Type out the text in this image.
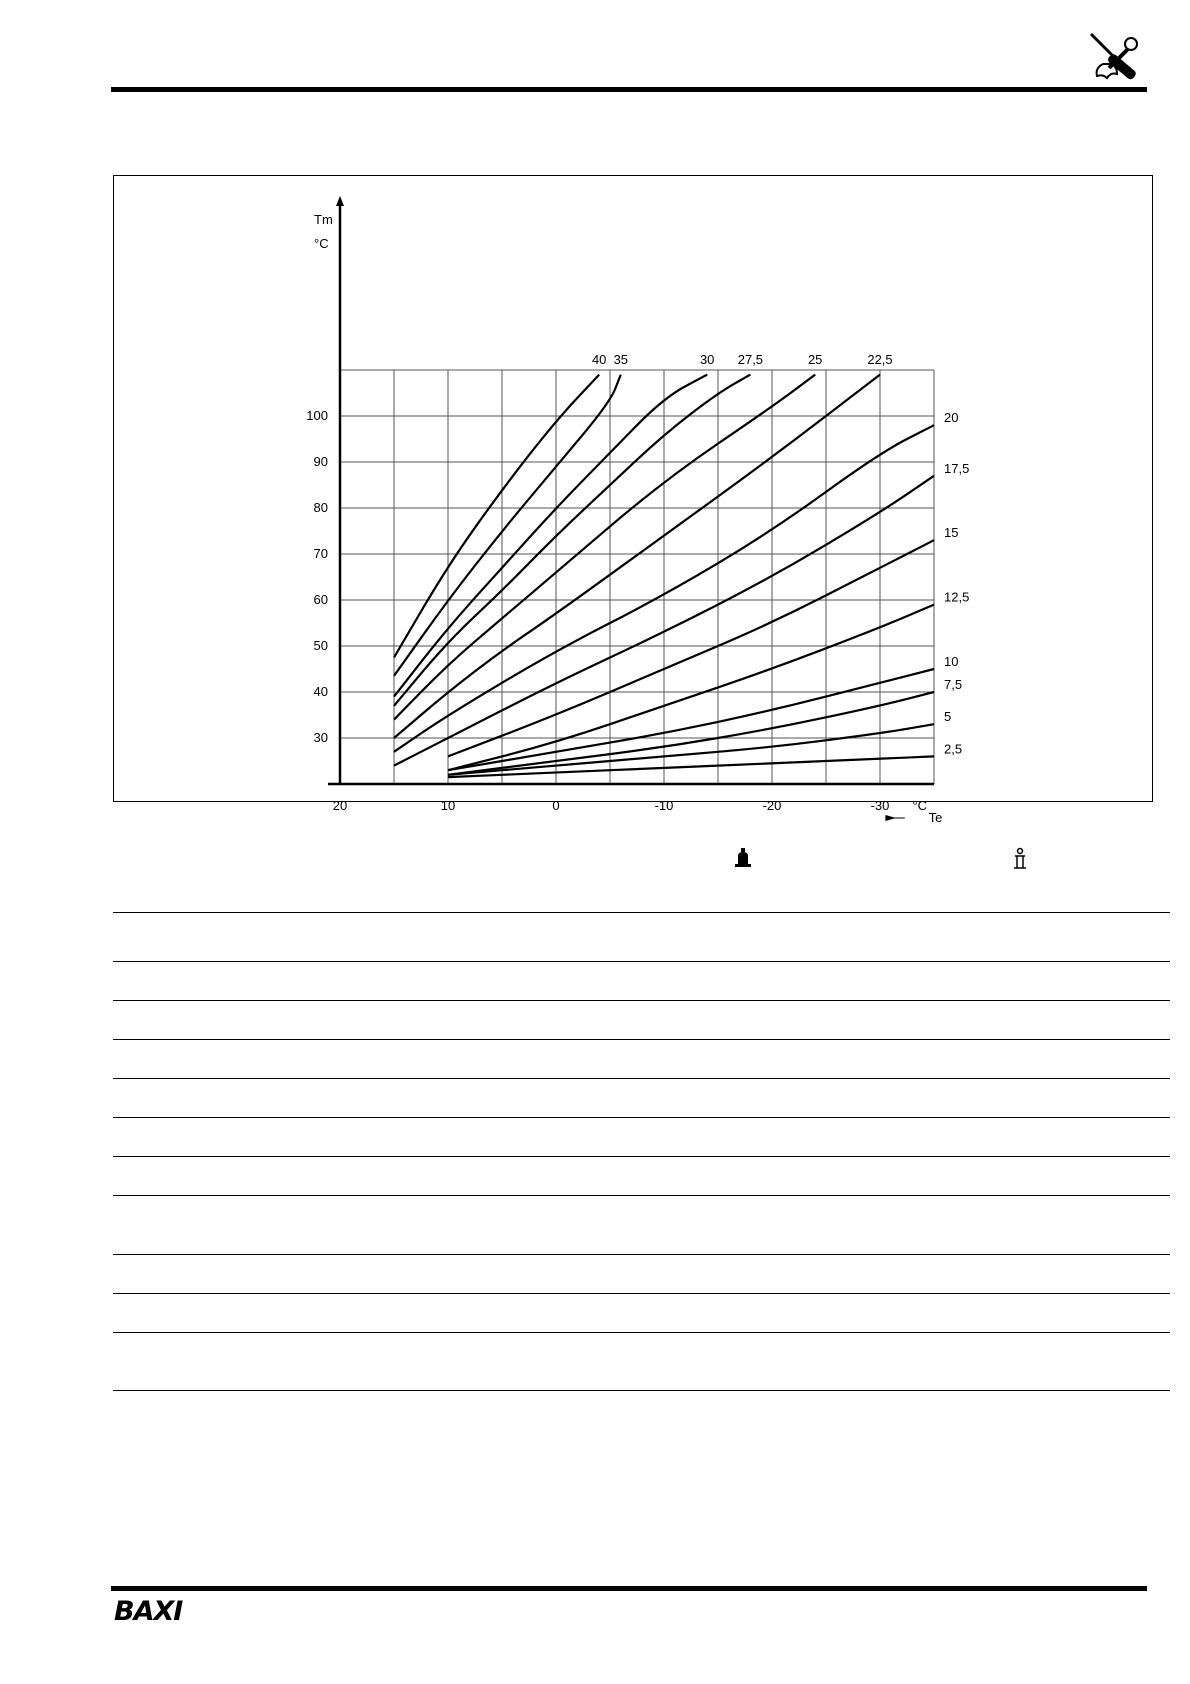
30
40
50
60
70
80
90
100
20	10	0	-10	-20	-30
40 35	30 27,5	25	22,5
20
17,5
15
12,5
10
7,5
5
2,5
Tm
°C
Te
°C
BAXI
